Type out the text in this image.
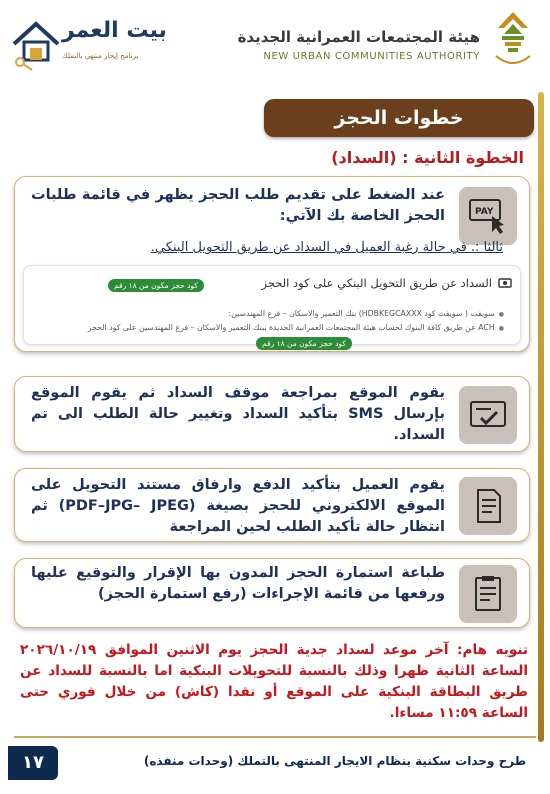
هيئة المجتمعات العمرانية الجديدة
NEW URBAN COMMUNITIES AUTHORITY
بيت العمر
برنامج إيجار منتهي بالتملك
خطوات الحجز
الخطوة الثانية : (السداد)
عند الضغط على تقديم طلب الحجز يظهر في قائمة طلبات الحجز الخاصة بك الآتي:	PAY
ثالثا :. في حالة رغبة العميل في السداد عن طريق التحويل البنكي.
السداد عن طريق التحويل البنكي على كود الحجز
كود حجز مكون من ١٨ رقم
● سويفت ( سويفت كود HDBKEGCAXXX) بنك التعمير والاسكان – فرع المهندسين:
● ACH عن طريق كافة البنوك لحساب هيئة المجتمعات العمرانية الجديدة ببنك التعمير والاسكان – فرع المهندسين على كود الحجز
كود حجز مكون من ١٨ رقم
يقوم الموقع بمراجعة موقف السداد ثم يقوم الموقع بإرسال SMS بتأكيد السداد وتغيير حالة الطلب الى تم السداد.
يقوم العميل بتأكيد الدفع وارفاق مستند التحويل على الموقع الالكتروني للحجز بصيغة (PDF–JPG– JPEG) ثم انتظار حالة تأكيد الطلب لحين المراجعة
طباعة استمارة الحجز المدون بها الإقرار والتوقيع عليها ورفعها من قائمة الإجراءات (رفع استمارة الحجز)
تنويه هام: آخر موعد لسداد جدية الحجز يوم الاثنين الموافق ٢٠٢٦/١٠/١٩ الساعة الثانية ظهرا وذلك بالنسبة للتحويلات البنكية اما بالنسبة للسداد عن طريق البطاقة البنكية على الموقع أو نقدا (كاش) من خلال فوري حتى الساعة ١١:٥٩ مساءا.
١٧	طرح وحدات سكنية بنظام الايجار المنتهى بالتملك (وحدات منفذه)
